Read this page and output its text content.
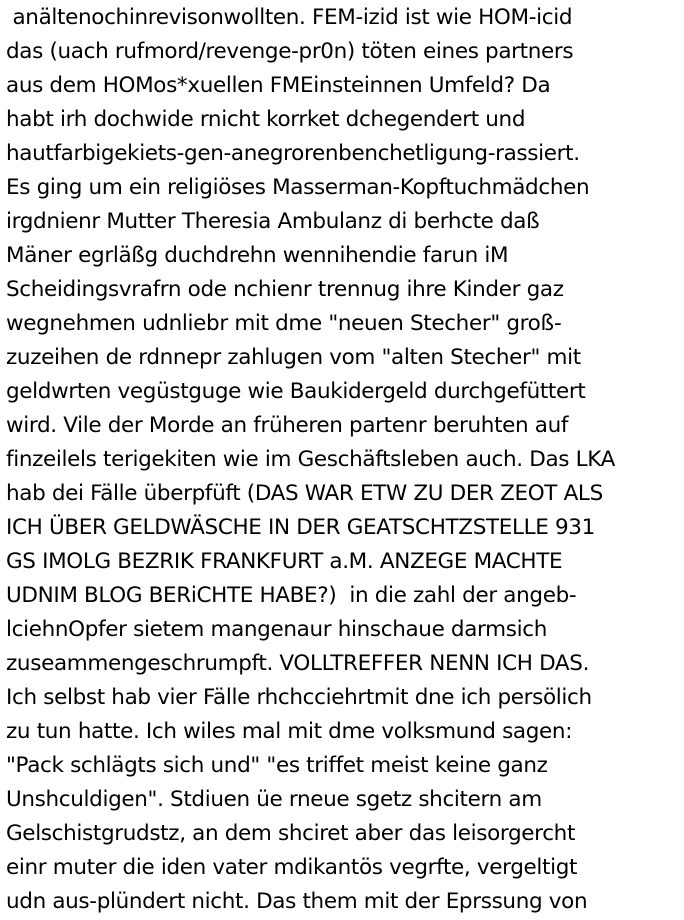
anältenochinrevisonwollten. FEM-izid ist wie HOM-icid
das (uach rufmord/revenge-pr0n) töten eines partners
aus dem HOMos*xuellen FMEinsteinnen Umfeld? Da
habt irh dochwide rnicht korrket dchegendert und
hautfarbigekiets-gen-anegrorenbenchetligung-rassiert.
Es ging um ein religiöses Masserman-Kopftuchmädchen
irgdnienr Mutter Theresia Ambulanz di berhcte daß
Mäner egrläßg duchdrehn wennihendie farun iM
Scheidingsvrafrn ode nchienr trennug ihre Kinder gaz
wegnehmen udnliebr mit dme "neuen Stecher" groß-
zuzeihen de rdnnepr zahlugen vom "alten Stecher" mit
geldwrten vegüstguge wie Baukidergeld durchgefüttert
wird. Vile der Morde an früheren partenr beruhten auf
finzeilels terigekiten wie im Geschäftsleben auch. Das LKA
hab dei Fälle überpfüft (DAS WAR ETW ZU DER ZEOT ALS
ICH ÜBER GELDWÄSCHE IN DER GEATSCHTZSTELLE 931
GS IMOLG BEZRIK FRANKFURT a.M. ANZEGE MACHTE
UDNIM BLOG BERiCHTE HABE?)  in die zahl der angeb-
lciehnOpfer sietem mangenaur hinschaue darmsich
zuseammengeschrumpft. VOLLTREFFER NENN ICH DAS.
Ich selbst hab vier Fälle rhchcciehrtmit dne ich persölich
zu tun hatte. Ich wiles mal mit dme volksmund sagen:
"Pack schlägts sich und" "es triffet meist keine ganz
Unshculdigen". Stdiuen üe rneue sgetz shcitern am
Gelschistgrudstz, an dem shciret aber das leisorgercht
einr muter die iden vater mdikantös vegrfte, vergeltigt
udn aus-plündert nicht. Das them mit der Eprssung von
